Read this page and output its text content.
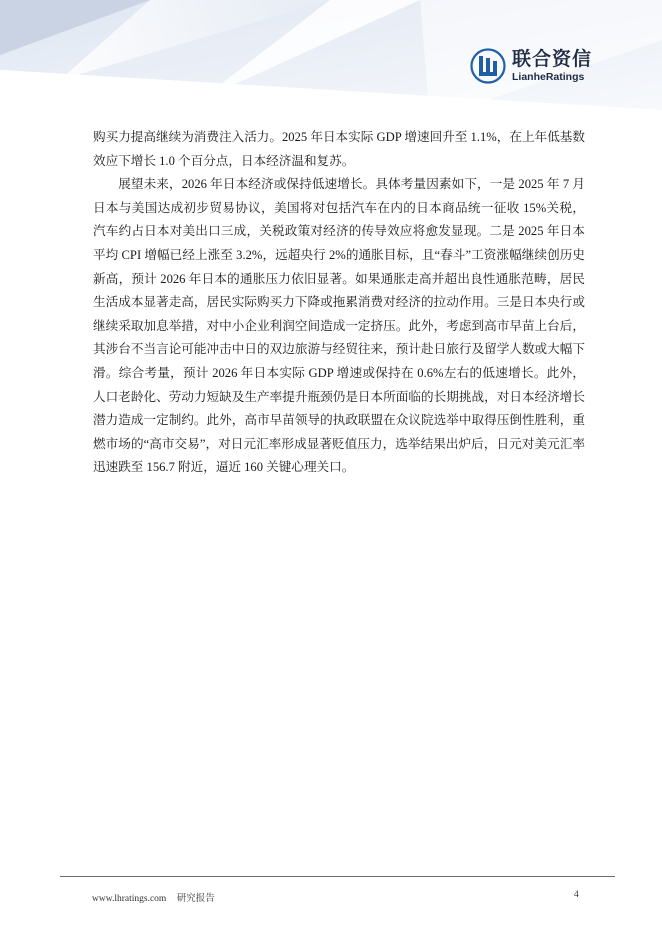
联合资信
LianheRatings

购买力提高继续为消费注入活力。2025 年日本实际 GDP 增速回升至 1.1%，在上年低基数效应下增长 1.0 个百分点，日本经济温和复苏。

展望未来，2026 年日本经济或保持低速增长。具体考量因素如下，一是 2025 年 7 月日本与美国达成初步贸易协议，美国将对包括汽车在内的日本商品统一征收 15%关税，汽车约占日本对美出口三成，关税政策对经济的传导效应将愈发显现。二是 2025 年日本平均 CPI 增幅已经上涨至 3.2%，远超央行 2%的通胀目标，且“春斗”工资涨幅继续创历史新高，预计 2026 年日本的通胀压力依旧显著。如果通胀走高并超出良性通胀范畴，居民生活成本显著走高，居民实际购买力下降或拖累消费对经济的拉动作用。三是日本央行或继续采取加息举措，对中小企业利润空间造成一定挤压。此外，考虑到高市早苗上台后，其涉台不当言论可能冲击中日的双边旅游与经贸往来，预计赴日旅行及留学人数或大幅下滑。综合考量，预计 2026 年日本实际 GDP 增速或保持在 0.6%左右的低速增长。此外，人口老龄化、劳动力短缺及生产率提升瓶颈仍是日本所面临的长期挑战，对日本经济增长潜力造成一定制约。此外，高市早苗领导的执政联盟在众议院选举中取得压倒性胜利，重燃市场的“高市交易”，对日元汇率形成显著贬值压力，选举结果出炉后，日元对美元汇率迅速跌至 156.7 附近，逼近 160 关键心理关口。

www.lhratings.com 研究报告	4
